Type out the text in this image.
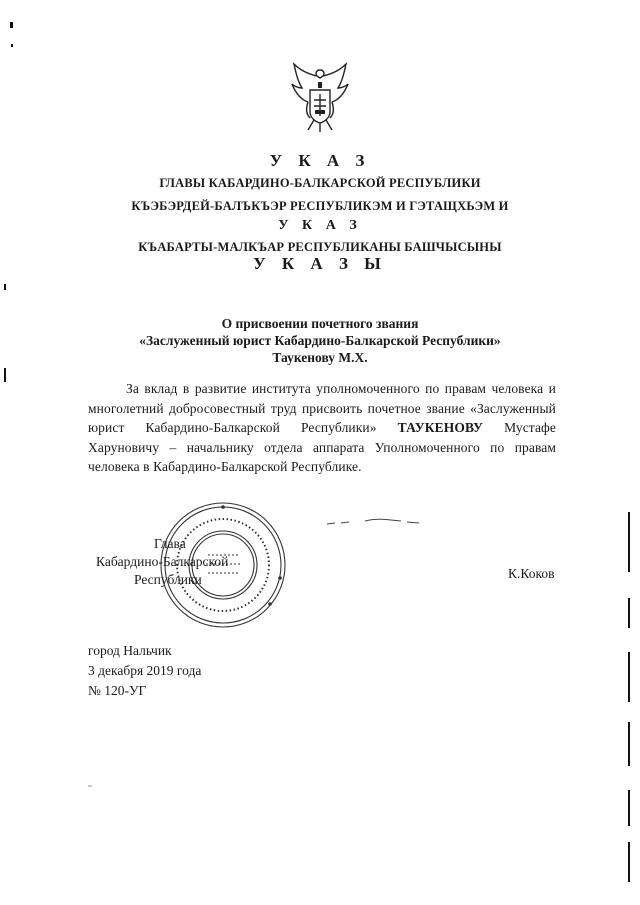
У К А З
ГЛАВЫ КАБАРДИНО-БАЛКАРСКОЙ РЕСПУБЛИКИ
КЪЭБЭРДЕЙ-БАЛЪКЪЭР РЕСПУБЛИКЭМ И ГЭТАЩХЬЭМ И
У К А З
КЪАБАРТЫ-МАЛКЪАР РЕСПУБЛИКАНЫ БАШЧЫСЫНЫ
У К А З Ы
О присвоении почетного звания
«Заслуженный юрист Кабардино-Балкарской Республики»
Таукенову М.Х.
За вклад в развитие института уполномоченного по правам человека и многолетний добросовестный труд присвоить почетное звание «Заслуженный юрист Кабардино-Балкарской Республики» ТАУКЕНОВУ Мустафе Харуновичу – начальнику отдела аппарата Уполномоченного по правам человека в Кабардино-Балкарской Республике.
Глава
Кабардино-Балкарской
Республики	К.Коков
город Нальчик
3 декабря 2019 года
№ 120-УГ
▫▫
